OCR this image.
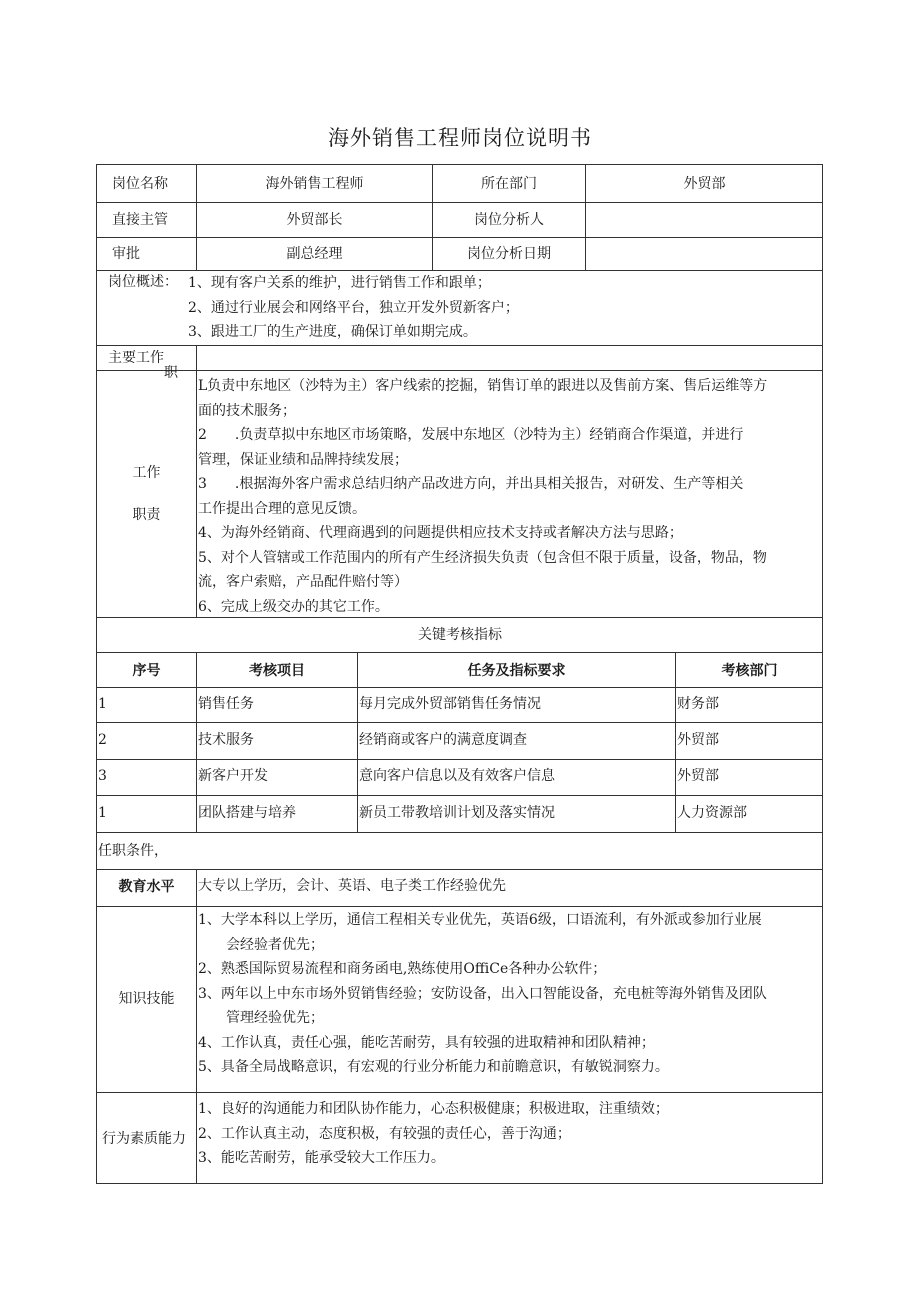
海外销售工程师岗位说明书
岗位名称	海外销售工程师	所在部门	外贸部
直接主管	外贸部长	岗位分析人
审批	副总经理	岗位分析日期
岗位概述： 1、现有客户关系的维护，进行销售工作和跟单；
2、通过行业展会和网络平台，独立开发外贸新客户；
3、跟进工厂的生产进度，确保订单如期完成。
主要工作职
工作
职责
L负责中东地区（沙特为主）客户线索的挖掘，销售订单的跟进以及售前方案、售后运维等方
面的技术服务；
2　　.负责草拟中东地区市场策略，发展中东地区（沙特为主）经销商合作渠道，并进行
管理，保证业绩和品牌持续发展；
3　　.根据海外客户需求总结归纳产品改进方向，并出具相关报告，对研发、生产等相关
工作提出合理的意见反馈。
4、为海外经销商、代理商遇到的问题提供相应技术支持或者解决方法与思路；
5、对个人管辖或工作范围内的所有产生经济损失负责（包含但不限于质量，设备，物品，物
流，客户索赔，产品配件赔付等）
6、完成上级交办的其它工作。
关键考核指标
序号	考核项目	任务及指标要求	考核部门
1	销售任务	每月完成外贸部销售任务情况	财务部
2	技术服务	经销商或客户的满意度调查	外贸部
3	新客户开发	意向客户信息以及有效客户信息	外贸部
1	团队搭建与培养	新员工带教培训计划及落实情况	人力资源部
任职条件，
教育水平	大专以上学历，会计、英语、电子类工作经验优先
知识技能
1、大学本科以上学历，通信工程相关专业优先，英语6级，口语流利，有外派或参加行业展
　　会经验者优先；
2、熟悉国际贸易流程和商务函电,熟练使用OffiCe各种办公软件；
3、两年以上中东市场外贸销售经验；安防设备，出入口智能设备，充电桩等海外销售及团队
　　管理经验优先；
4、工作认真，责任心强，能吃苦耐劳，具有较强的进取精神和团队精神；
5、具备全局战略意识，有宏观的行业分析能力和前瞻意识，有敏锐洞察力。
行为素质能力
1、良好的沟通能力和团队协作能力，心态积极健康；积极进取，注重绩效；
2、工作认真主动，态度积极，有较强的责任心，善于沟通；
3、能吃苦耐劳，能承受较大工作压力。
